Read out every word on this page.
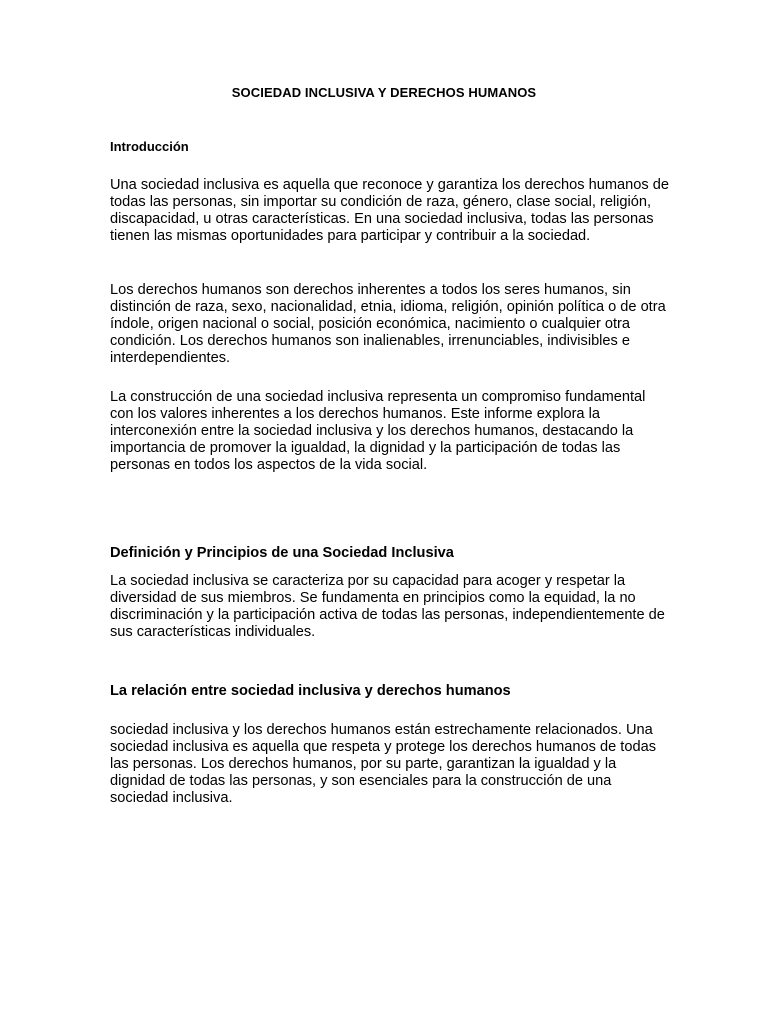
SOCIEDAD INCLUSIVA Y DERECHOS HUMANOS
Introducción

Una sociedad inclusiva es aquella que reconoce y garantiza los derechos humanos de todas las personas, sin importar su condición de raza, género, clase social, religión, discapacidad, u otras características. En una sociedad inclusiva, todas las personas tienen las mismas oportunidades para participar y contribuir a la sociedad.

Los derechos humanos son derechos inherentes a todos los seres humanos, sin distinción de raza, sexo, nacionalidad, etnia, idioma, religión, opinión política o de otra índole, origen nacional o social, posición económica, nacimiento o cualquier otra condición. Los derechos humanos son inalienables, irrenunciables, indivisibles e interdependientes.

La construcción de una sociedad inclusiva representa un compromiso fundamental con los valores inherentes a los derechos humanos. Este informe explora la interconexión entre la sociedad inclusiva y los derechos humanos, destacando la importancia de promover la igualdad, la dignidad y la participación de todas las personas en todos los aspectos de la vida social.

Definición y Principios de una Sociedad Inclusiva

La sociedad inclusiva se caracteriza por su capacidad para acoger y respetar la diversidad de sus miembros. Se fundamenta en principios como la equidad, la no discriminación y la participación activa de todas las personas, independientemente de sus características individuales.

La relación entre sociedad inclusiva y derechos humanos

sociedad inclusiva y los derechos humanos están estrechamente relacionados. Una sociedad inclusiva es aquella que respeta y protege los derechos humanos de todas las personas. Los derechos humanos, por su parte, garantizan la igualdad y la dignidad de todas las personas, y son esenciales para la construcción de una sociedad inclusiva.
